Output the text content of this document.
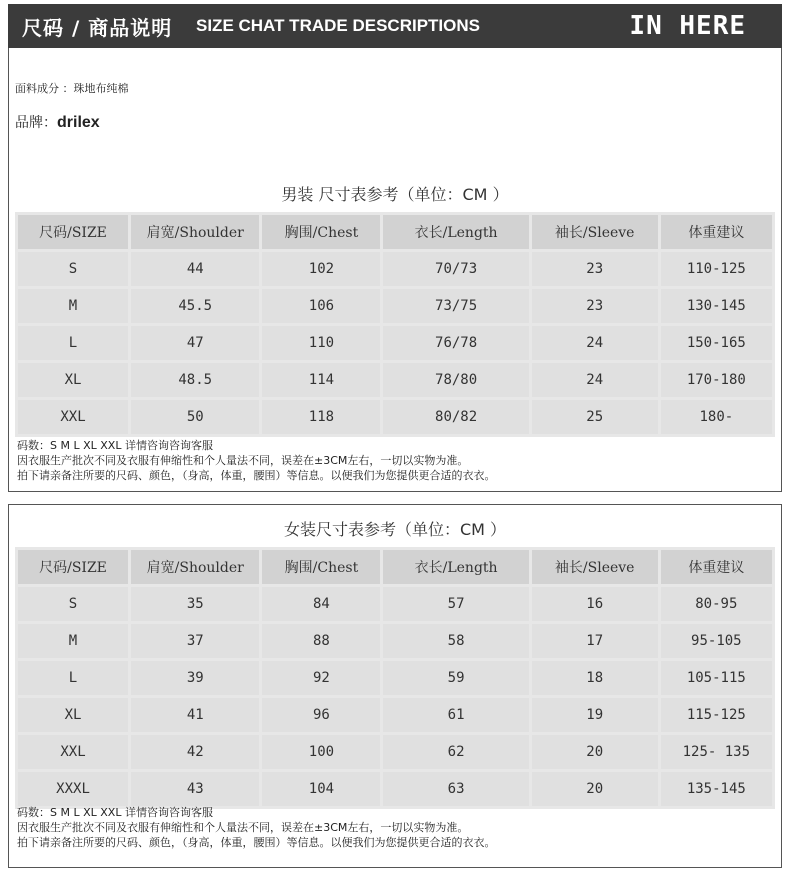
尺码 / 商品说明 SIZE CHAT TRADE DESCRIPTIONS	IN HERE
面料成分 ：珠地布纯棉
品牌：drilex
男装 尺寸表参考（单位：CM ）
尺码/SIZE	肩宽/Shoulder	胸围/Chest	衣长/Length	袖长/Sleeve	体重建议
S	44	102	70/73	23	110-125
M	45.5	106	73/75	23	130-145
L	47	110	76/78	24	150-165
XL	48.5	114	78/80	24	170-180
XXL	50	118	80/82	25	180-
码数：S M L XL XXL 详情咨询咨询客服
因衣服生产批次不同及衣服有伸缩性和个人量法不同，误差在±3CM左右，一切以实物为准。
拍下请亲备注所要的尺码、颜色，（身高，体重，腰围）等信息。以便我们为您提供更合适的衣衣。
女装尺寸表参考（单位：CM ）
尺码/SIZE	肩宽/Shoulder	胸围/Chest	衣长/Length	袖长/Sleeve	体重建议
S	35	84	57	16	80-95
M	37	88	58	17	95-105
L	39	92	59	18	105-115
XL	41	96	61	19	115-125
XXL	42	100	62	20	125- 135
XXXL	43	104	63	20	135-145
码数：S M L XL XXL 详情咨询咨询客服
因衣服生产批次不同及衣服有伸缩性和个人量法不同，误差在±3CM左右，一切以实物为准。
拍下请亲备注所要的尺码、颜色，（身高，体重，腰围）等信息。以便我们为您提供更合适的衣衣。
